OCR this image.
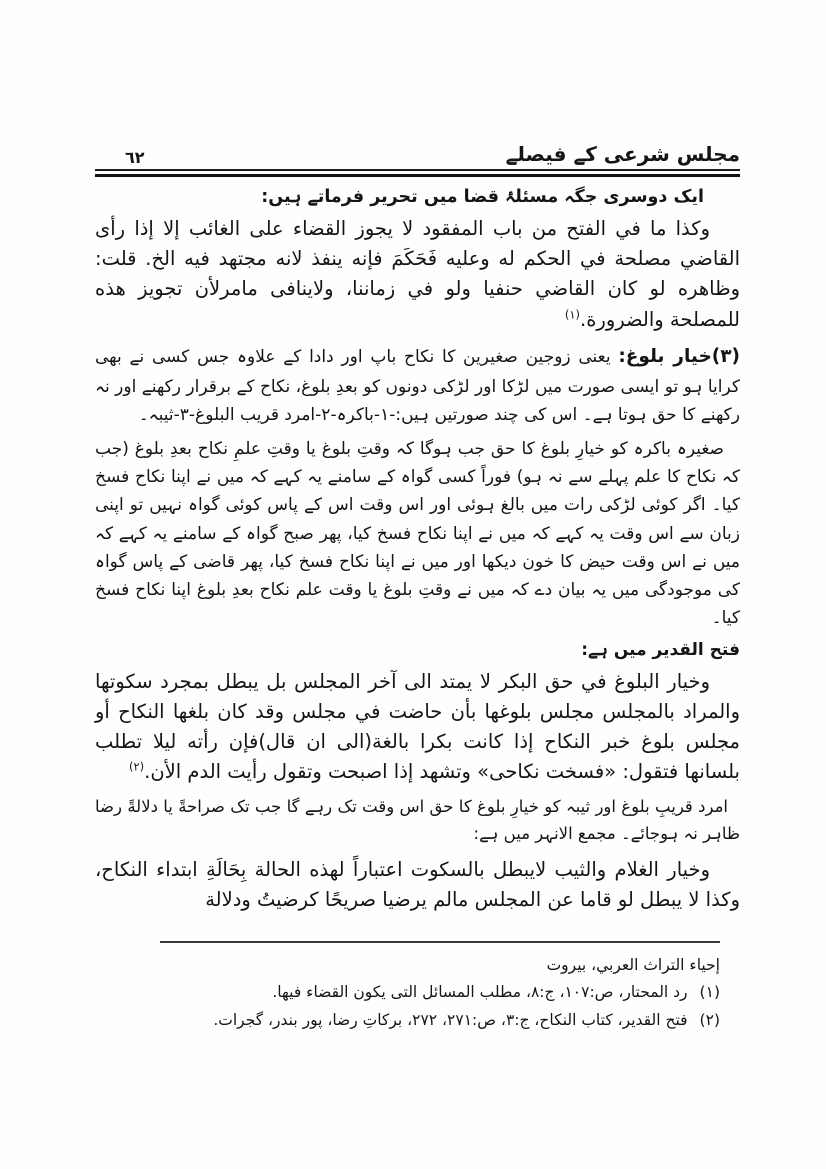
مجلس شرعی کے فیصلے
٦٢

ایک دوسری جگہ مسئلۂ قضا میں تحریر فرماتے ہیں:

وكذا ما في الفتح من باب المفقود لا يجوز القضاء على الغائب إلا إذا رأى القاضي مصلحة في الحكم له وعليه فَحَكَمَ فإنه ينفذ لانه مجتهد فيه الخ. قلت: وظاهره لو كان القاضي حنفيا ولو في زماننا، ولاينافى مامرلأن تجويز هذه للمصلحة والضرورة.$^{(١)}$

(۳)خیار بلوغ: یعنی زوجین صغیرین کا نکاح باپ اور دادا کے علاوہ جس کسی نے بھی کرایا ہو تو ایسی صورت میں لڑکا اور لڑکی دونوں کو بعدِ بلوغ، نکاح کے برقرار رکھنے اور نہ رکھنے کا حق ہوتا ہے۔ اس کی چند صورتیں ہیں:-۱-باکرہ-۲-امرد قریب البلوغ-۳-ثیبہ۔

صغیرہ باکرہ کو خیارِ بلوغ کا حق جب ہوگا کہ وقتِ بلوغ یا وقتِ علمِ نکاح بعدِ بلوغ (جب کہ نکاح کا علم پہلے سے نہ ہو) فوراً کسی گواہ کے سامنے یہ کہے کہ میں نے اپنا نکاح فسخ کیا۔ اگر کوئی لڑکی رات میں بالغ ہوئی اور اس وقت اس کے پاس کوئی گواہ نہیں تو اپنی زبان سے اس وقت یہ کہے کہ میں نے اپنا نکاح فسخ کیا، پھر صبح گواہ کے سامنے یہ کہے کہ میں نے اس وقت حیض کا خون دیکھا اور میں نے اپنا نکاح فسخ کیا، پھر قاضی کے پاس گواہ کی موجودگی میں یہ بیان دے کہ میں نے وقتِ بلوغ یا وقت علم نکاح بعدِ بلوغ اپنا نکاح فسخ کیا۔

فتح القدیر میں ہے:

وخيار البلوغ في حق البكر لا يمتد الى آخر المجلس بل يبطل بمجرد سكوتها والمراد بالمجلس مجلس بلوغها بأن حاضت في مجلس وقد كان بلغها النكاح أو مجلس بلوغ خبر النكاح إذا كانت بكرا بالغة(الى ان قال)فإن رأته ليلا تطلب بلسانها فتقول: «فسخت نكاحى» وتشهد إذا اصبحت وتقول رأيت الدم الأن.$^{(٢)}$

امرد قریبِ بلوغ اور ثیبہ کو خیارِ بلوغ کا حق اس وقت تک رہے گا جب تک صراحةً یا دلالةً رضا ظاہر نہ ہوجائے۔ مجمع الانہر میں ہے:

وخيار الغلام والثيب لايبطل بالسكوت اعتباراً لهذه الحالة بِحَالَةِ ابتداء النكاح، وكذا لا يبطل لو قاما عن المجلس مالم يرضيا صريحًا كرضيتُ ودلالة

إحياء التراث العربي، بيروت
(١)
رد المحتار، ص:١٠٧، ج:٨، مطلب المسائل التى يكون القضاء فيها.
(٢)
فتح القدير، كتاب النكاح، ج:٣، ص:٢٧١، ٢٧٢، بركاتِ رضا، پور بندر، گجرات.
